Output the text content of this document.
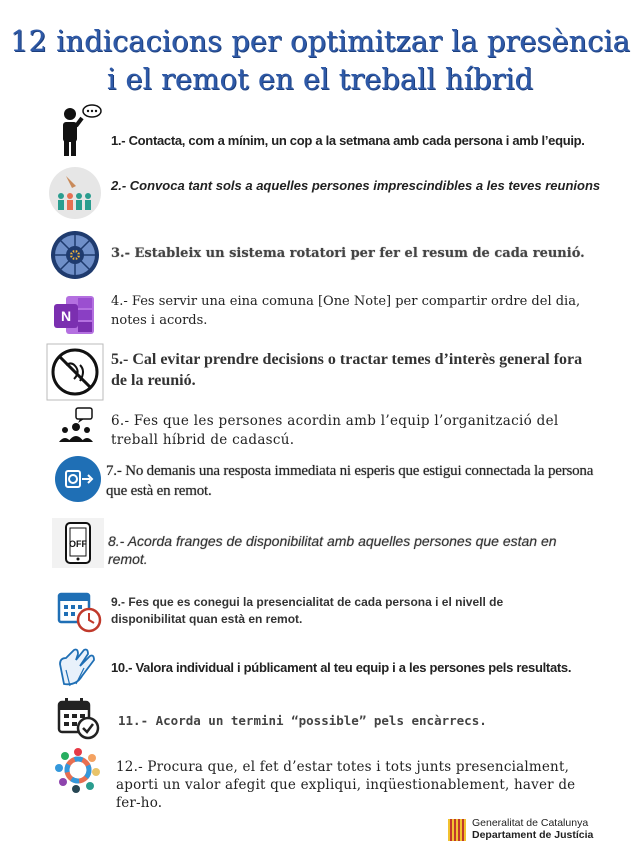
12 indicacions per optimitzar la presència
i el remot en el treball híbrid
1.- Contacta, com a mínim, un cop a la setmana amb cada persona i amb l’equip.
2.- Convoca tant sols a aquelles persones imprescindibles a les teves reunions
3.- Estableix un sistema rotatori per fer el resum de cada reunió.
N
4.- Fes servir una eina comuna [One Note] per compartir ordre del dia, notes i acords.
5.- Cal evitar prendre decisions o tractar temes d’interès general fora de la reunió.
6.- Fes que les persones acordin amb l’equip l’organització del treball híbrid de cadascú.
7.- No demanis una resposta immediata ni esperis que estigui connectada la persona que està en remot.
OFF 8.- Acorda franges de disponibilitat amb aquelles persones que estan en remot.
9.- Fes que es conegui la presencialitat de cada persona i el nivell de disponibilitat quan està en remot.
10.- Valora individual i públicament al teu equip i a les persones pels resultats.
11.- Acorda un termini “possible” pels encàrrecs.
12.- Procura que, el fet d’estar totes i tots junts presencialment, aporti un valor afegit que expliqui, inqüestionablement, haver de fer-ho.
Generalitat de Catalunya
Departament de Justícia
